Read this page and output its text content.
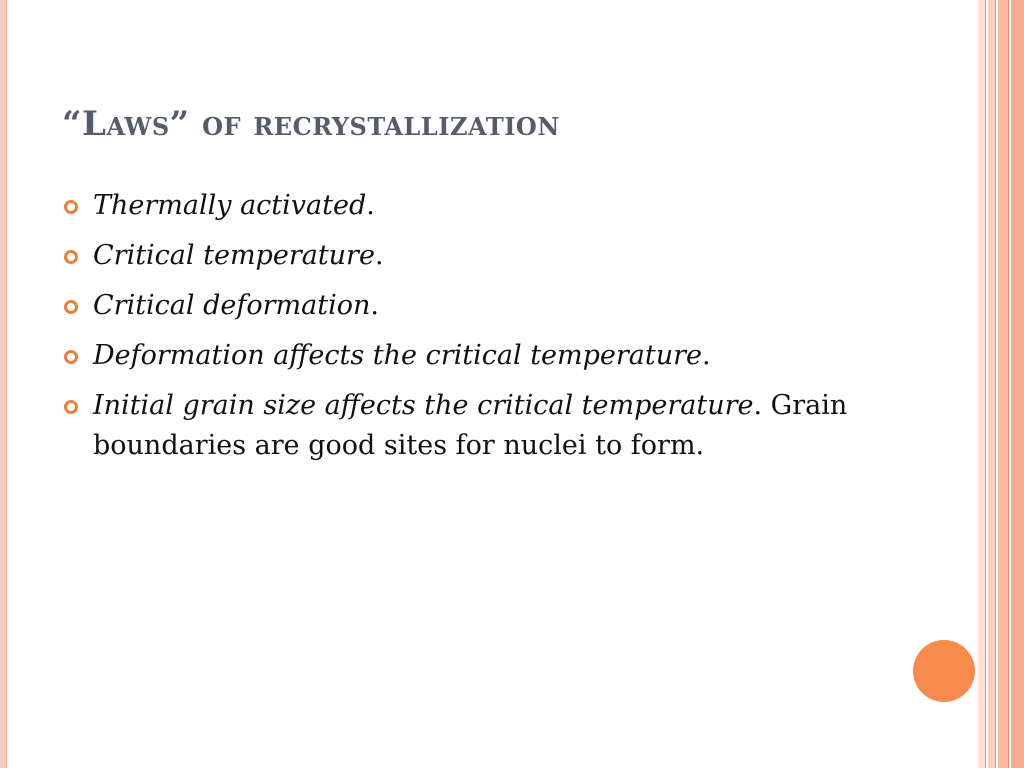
“Laws” of recrystallization
Thermally activated.
Critical temperature.
Critical deformation.
Deformation affects the critical temperature.
Initial grain size affects the critical temperature. Grain boundaries are good sites for nuclei to form.
